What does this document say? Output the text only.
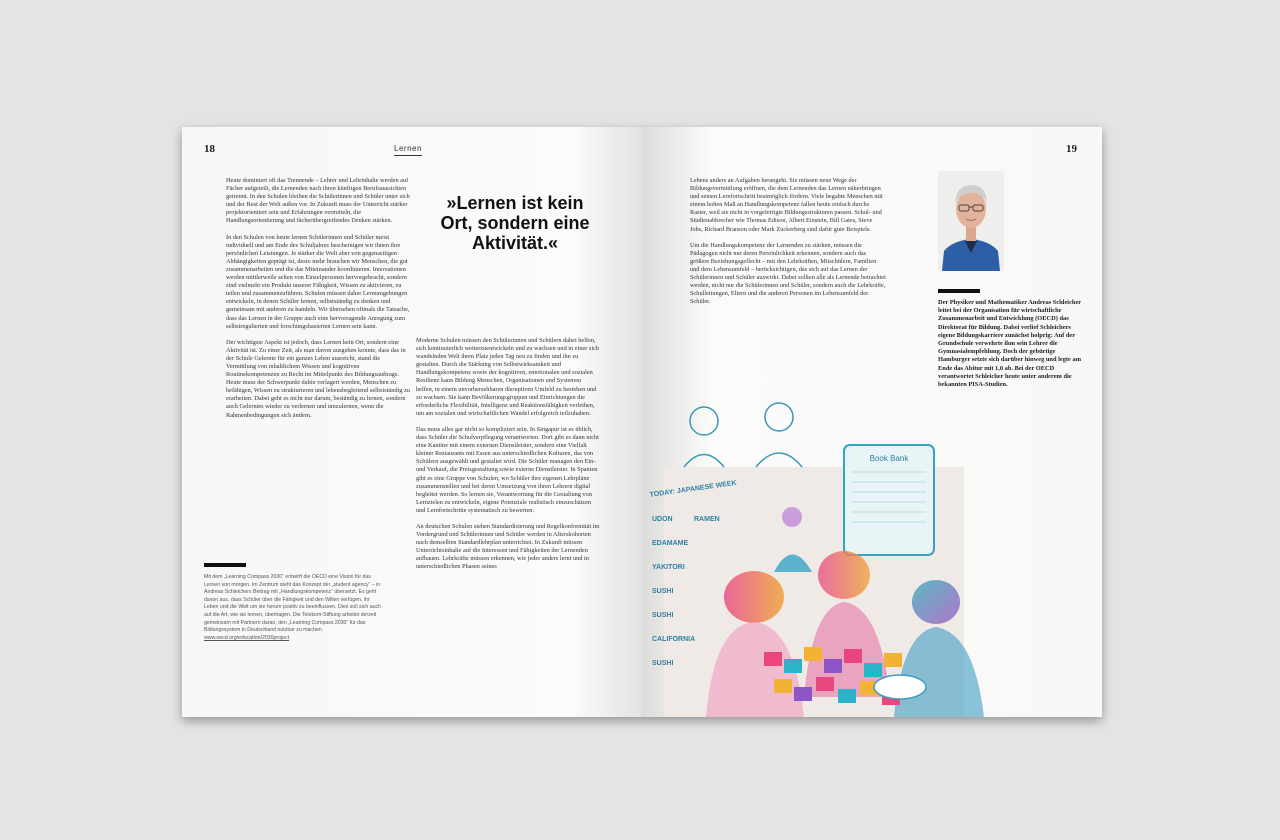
18	Lernen

Heute dominiert oft das Trennende – Lehrer und Lehrinhalte werden auf Fächer aufgeteilt, die Lernenden nach ihren künftigen Berufsaussichten getrennt. In den Schulen bleiben die Schülerinnen und Schüler unter sich und der Rest der Welt außen vor. In Zukunft muss der Unterricht stärker projektorientiert sein und Erfahrungen vermitteln, die Handlungsorientierung und fächerübergreifendes Denken stärken.

In den Schulen von heute lernen Schülerinnen und Schüler meist individuell und am Ende des Schuljahres bescheinigen wir ihnen ihre persönlichen Leistungen. Je stärker die Welt aber von gegenseitigen Abhängigkeiten geprägt ist, desto mehr brauchen wir Menschen, die gut zusammenarbeiten und die das Miteinander koordinieren. Innovationen werden mittlerweile selten von Einzelpersonen hervorgebracht, sondern sind vielmehr ein Produkt unserer Fähigkeit, Wissen zu aktivieren, zu teilen und zusammenzuführen. Schulen müssen daher Lernumgebungen entwickeln, in denen Schüler lernen, selbstständig zu denken und gemeinsam mit anderen zu handeln. Wir übersehen oftmals die Tatsache, dass das Lernen in der Gruppe auch eine hervorragende Anregung zum selbstregulierten und forschungsbasierten Lernen sein kann.

Der wichtigste Aspekt ist jedoch, dass Lernen kein Ort, sondern eine Aktivität ist. Zu einer Zeit, als man davon ausgehen konnte, dass das in der Schule Gelernte für ein ganzes Leben ausreicht, stand die Vermittlung von inhaltlichem Wissen und kognitiven Routinekompetenzen zu Recht im Mittelpunkt des Bildungsauftrags. Heute muss der Schwerpunkt dahin verlagert werden, Menschen zu befähigen, Wissen zu strukturieren und lebensbegleitend selbstständig zu erarbeiten. Dabei geht es nicht nur darum, beständig zu lernen, sondern auch Gelerntes wieder zu verlernen und umzulernen, wenn die Rahmenbedingungen sich ändern.

»Lernen ist kein Ort, sondern eine Aktivität.«

Moderne Schulen müssen den Schülerinnen und Schülern dabei helfen, sich kontinuierlich weiterzuentwickeln und zu wachsen und in einer sich wandelnden Welt ihren Platz jeden Tag neu zu finden und ihn zu gestalten. Durch die Stärkung von Selbstwirksamkeit und Handlungskompetenz sowie der kognitiven, emotionalen und sozialen Resilienz kann Bildung Menschen, Organisationen und Systemen helfen, in einem unvorhersehbaren disruptiven Umfeld zu bestehen und zu wachsen. Sie kann Bevölkerungsgruppen und Einrichtungen die erforderliche Flexibilität, Intelligenz und Reaktionsfähigkeit verleihen, um am sozialen und wirtschaftlichen Wandel erfolgreich teilzuhaben.

Das muss alles gar nicht so kompliziert sein. In Singapur ist es üblich, dass Schüler die Schulverpflegung verantworten. Dort gibt es dann nicht eine Kantine mit einem externen Dienstleister, sondern eine Vielfalt kleiner Restaurants mit Essen aus unterschiedlichen Kulturen, das von Schülern ausgewählt und gestaltet wird. Die Schüler managen den Ein- und Verkauf, die Preisgestaltung sowie externe Dienstleister. In Spanien gibt es eine Gruppe von Schulen, wo Schüler ihre eigenen Lehrpläne zusammenstellen und bei deren Umsetzung von ihren Lehrern digital begleitet werden. So lernen sie, Verantwortung für die Gestaltung von Lernzielen zu entwickeln, eigene Potenziale realistisch einzuschätzen und Lernfortschritte systematisch zu bewerten.

An deutschen Schulen stehen Standardisierung und Regelkonformität im Vordergrund und Schülerinnen und Schüler werden in Alterskohorten nach demselben Standardlehrplan unterrichtet. In Zukunft müssen Unterrichtsinhalte auf die Interessen und Fähigkeiten der Lernenden aufbauen. Lehrkräfte müssen erkennen, wie jeder anders lernt und in unterschiedlichen Phasen seines

Mit dem „Learning Compass 2030“ entwirft die OECD eine Vision für das Lernen von morgen. Im Zentrum steht das Konzept der „student agency“ – in Andreas Schleichers Beitrag mit „Handlungskompetenz“ übersetzt. Es geht davon aus, dass Schüler über die Fähigkeit und den Willen verfügen, ihr Leben und die Welt um sie herum positiv zu beeinflussen. Dies soll sich auch auf die Art, wie sie lernen, übertragen. Die Telekom-Stiftung arbeitet derzeit gemeinsam mit Partnern daran, den „Learning Compass 2030“ für das Bildungssystem in Deutschland nutzbar zu machen.
www.oecd.org/education/2030project
19

Lebens anders an Aufgaben herangeht. Sie müssen neue Wege der Bildungsvermittlung eröffnen, die dem Lernenden das Lernen näherbringen und seinen Lernfortschritt bestmöglich fördern. Viele begabte Menschen mit einem hohen Maß an Handlungskompetenz fallen heute einfach durchs Raster, weil sie nicht in vorgefertigte Bildungsstrukturen passen. Schul- und Studienabbrecher wie Thomas Edison, Albert Einstein, Bill Gates, Steve Jobs, Richard Branson oder Mark Zuckerberg sind dafür gute Beispiele.

Um die Handlungskompetenz der Lernenden zu stärken, müssen die Pädagogen nicht nur deren Persönlichkeit erkennen, sondern auch das größere Beziehungsgeflecht – mit den Lehrkräften, Mitschülern, Familien und dem Lebensumfeld – berücksichtigen, das sich auf das Lernen der Schülerinnen und Schüler auswirkt. Dabei sollten alle als Lernende betrachtet werden, nicht nur die Schülerinnen und Schüler, sondern auch die Lehrkräfte, Schulleitungen, Eltern und die anderen Personen im Lebensumfeld der Schüler.	Der Physiker und Mathematiker Andreas Schleicher leitet bei der Organisation für wirtschaftliche Zusammenarbeit und Entwicklung (OECD) das Direktorat für Bildung. Dabei verlief Schleichers eigene Bildungskarriere zunächst holprig: Auf der Grundschule verwehrte ihm sein Lehrer die Gymnasialempfehlung. Doch der gebürtige Hamburger setzte sich darüber hinweg und legte am Ende das Abitur mit 1,0 ab. Bei der OECD verantwortet Schleicher heute unter anderem die bekannten PISA-Studien.
Book Bank
TODAY: JAPANESE WEEK
UDON	RAMEN
EDAMAME
YAKITORI
SUSHI
SUSHI
CALIFORNIA
SUSHI
